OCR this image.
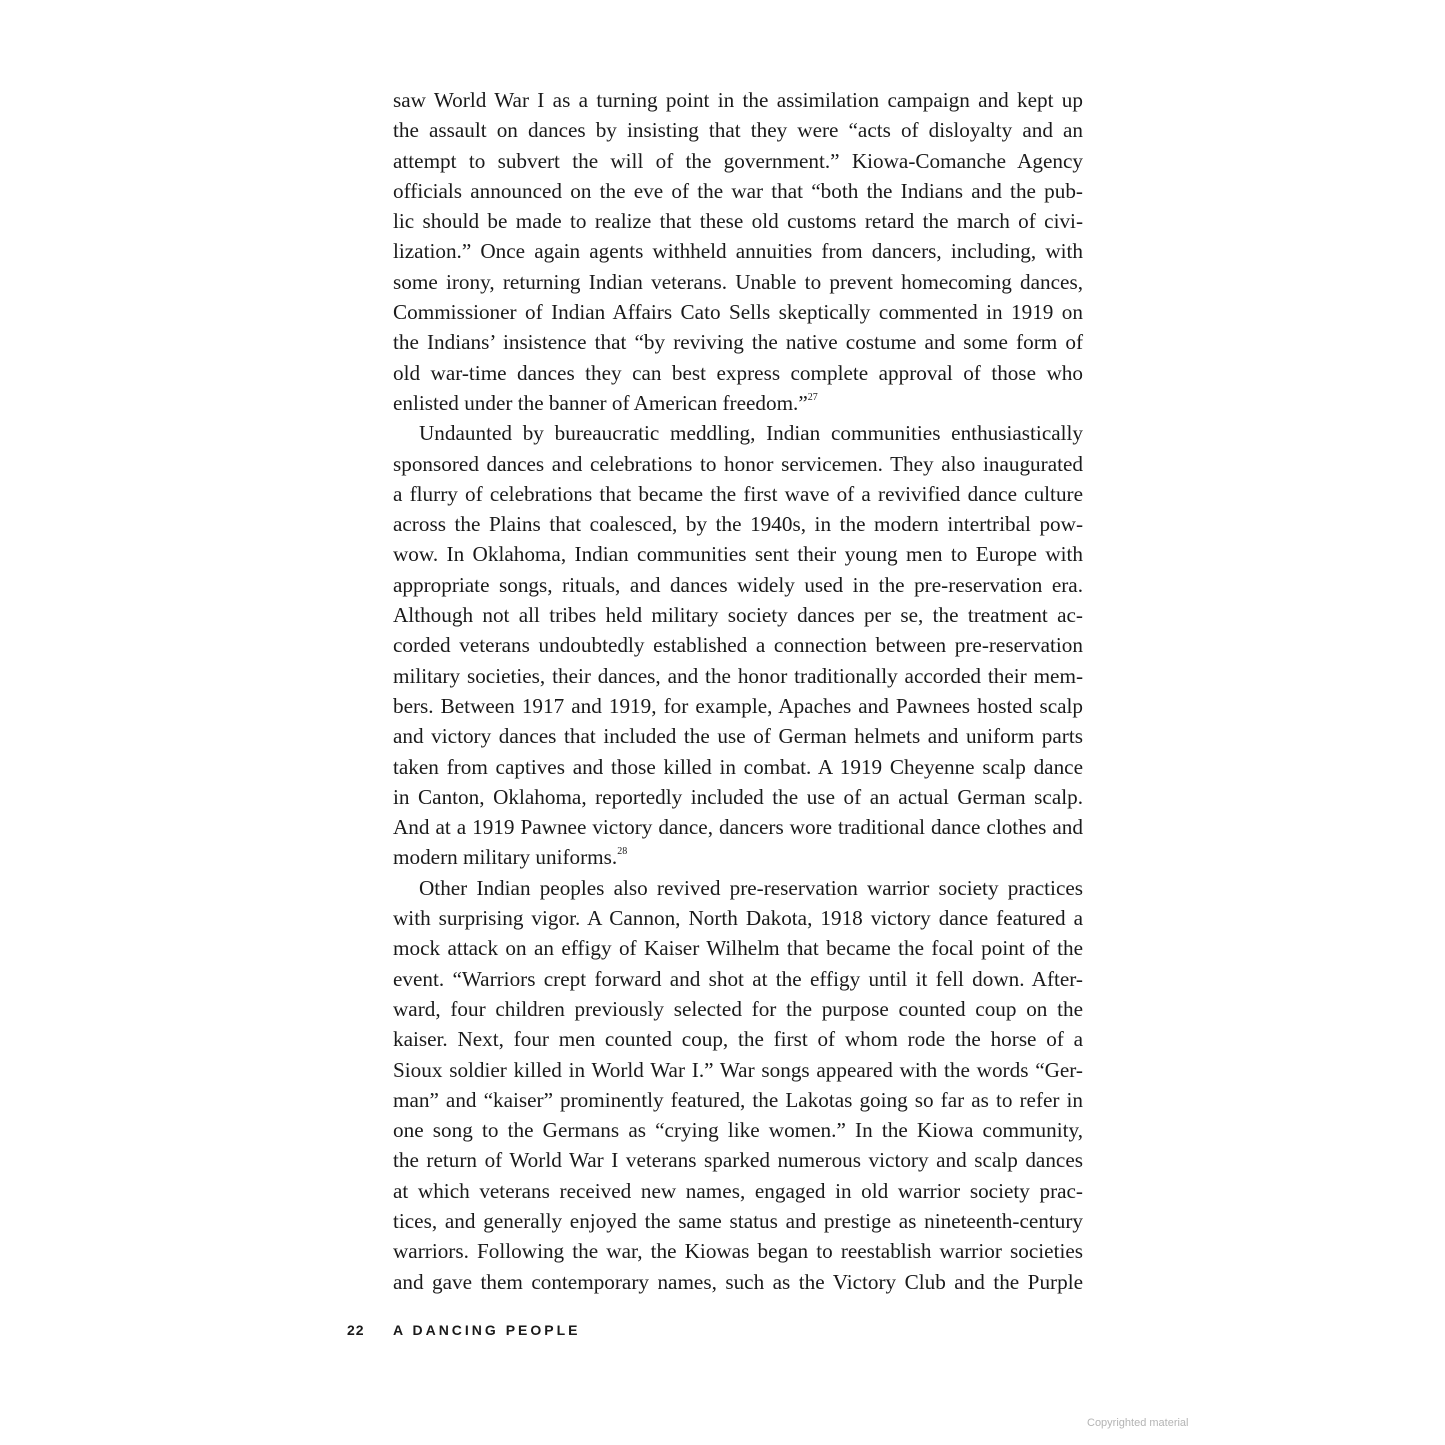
saw World War I as a turning point in the assimilation campaign and kept up
the assault on dances by insisting that they were “acts of disloyalty and an
attempt to subvert the will of the government.” Kiowa-Comanche Agency
officials announced on the eve of the war that “both the Indians and the pub-
lic should be made to realize that these old customs retard the march of civi-
lization.” Once again agents withheld annuities from dancers, including, with
some irony, returning Indian veterans. Unable to prevent homecoming dances,
Commissioner of Indian Affairs Cato Sells skeptically commented in 1919 on
the Indians’ insistence that “by reviving the native costume and some form of
old war-time dances they can best express complete approval of those who
enlisted under the banner of American freedom.”$^{27}$
Undaunted by bureaucratic meddling, Indian communities enthusiastically
sponsored dances and celebrations to honor servicemen. They also inaugurated
a flurry of celebrations that became the first wave of a revivified dance culture
across the Plains that coalesced, by the 1940s, in the modern intertribal pow-
wow. In Oklahoma, Indian communities sent their young men to Europe with
appropriate songs, rituals, and dances widely used in the pre-reservation era.
Although not all tribes held military society dances per se, the treatment ac-
corded veterans undoubtedly established a connection between pre-reservation
military societies, their dances, and the honor traditionally accorded their mem-
bers. Between 1917 and 1919, for example, Apaches and Pawnees hosted scalp
and victory dances that included the use of German helmets and uniform parts
taken from captives and those killed in combat. A 1919 Cheyenne scalp dance
in Canton, Oklahoma, reportedly included the use of an actual German scalp.
And at a 1919 Pawnee victory dance, dancers wore traditional dance clothes and
modern military uniforms.$^{28}$
Other Indian peoples also revived pre-reservation warrior society practices
with surprising vigor. A Cannon, North Dakota, 1918 victory dance featured a
mock attack on an effigy of Kaiser Wilhelm that became the focal point of the
event. “Warriors crept forward and shot at the effigy until it fell down. After-
ward, four children previously selected for the purpose counted coup on the
kaiser. Next, four men counted coup, the first of whom rode the horse of a
Sioux soldier killed in World War I.” War songs appeared with the words “Ger-
man” and “kaiser” prominently featured, the Lakotas going so far as to refer in
one song to the Germans as “crying like women.” In the Kiowa community,
the return of World War I veterans sparked numerous victory and scalp dances
at which veterans received new names, engaged in old warrior society prac-
tices, and generally enjoyed the same status and prestige as nineteenth-century
warriors. Following the war, the Kiowas began to reestablish warrior societies
and gave them contemporary names, such as the Victory Club and the Purple
22 A DANCING PEOPLE
Copyrighted material
